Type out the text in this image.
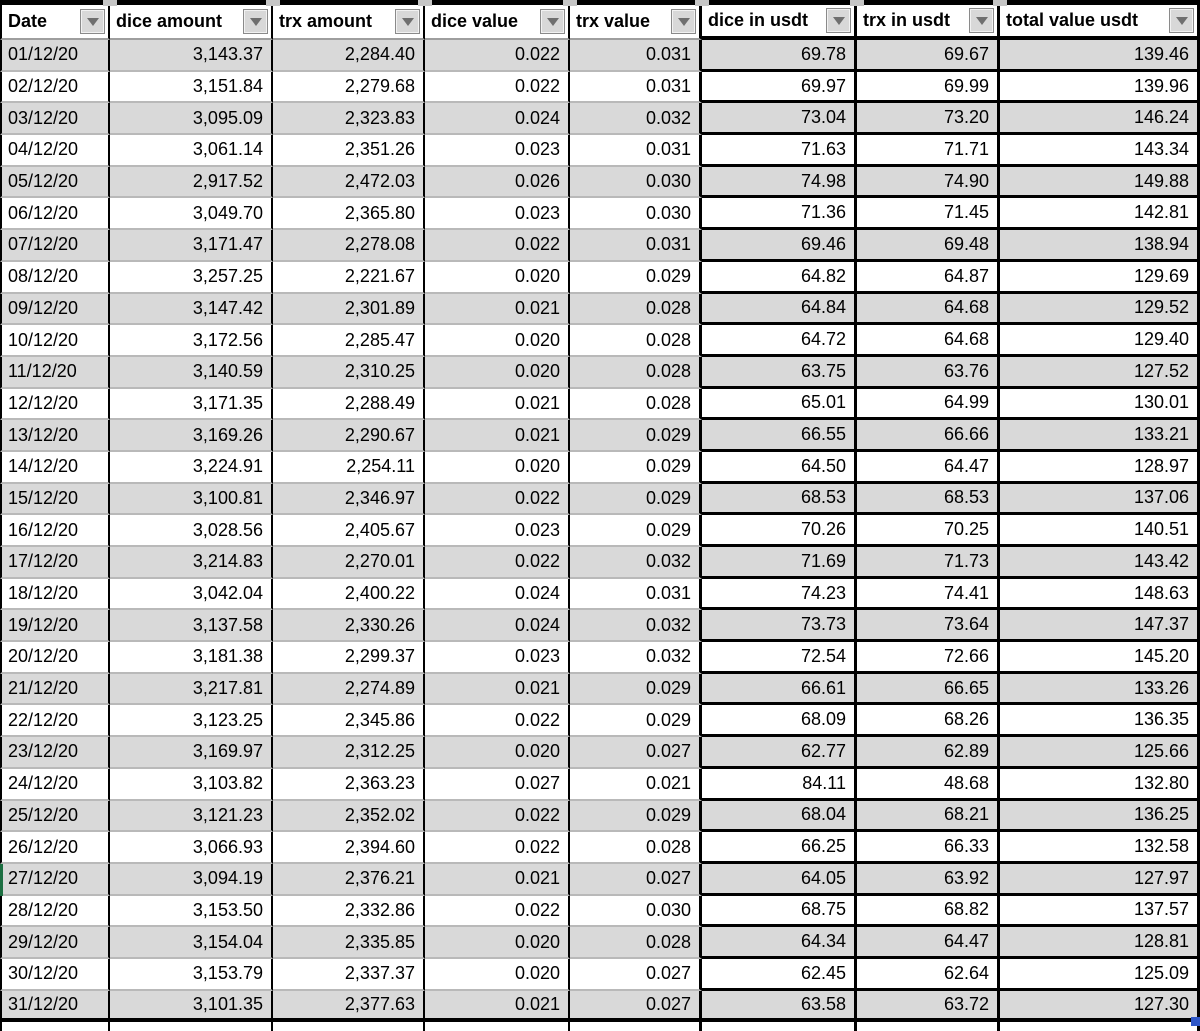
Date	dice amount	trx amount	dice value	trx value	dice in usdt	trx in usdt	total value usdt
01/12/20	3,143.37	2,284.40	0.022	0.031	69.78	69.67	139.46
02/12/20	3,151.84	2,279.68	0.022	0.031	69.97	69.99	139.96
03/12/20	3,095.09	2,323.83	0.024	0.032	73.04	73.20	146.24
04/12/20	3,061.14	2,351.26	0.023	0.031	71.63	71.71	143.34
05/12/20	2,917.52	2,472.03	0.026	0.030	74.98	74.90	149.88
06/12/20	3,049.70	2,365.80	0.023	0.030	71.36	71.45	142.81
07/12/20	3,171.47	2,278.08	0.022	0.031	69.46	69.48	138.94
08/12/20	3,257.25	2,221.67	0.020	0.029	64.82	64.87	129.69
09/12/20	3,147.42	2,301.89	0.021	0.028	64.84	64.68	129.52
10/12/20	3,172.56	2,285.47	0.020	0.028	64.72	64.68	129.40
11/12/20	3,140.59	2,310.25	0.020	0.028	63.75	63.76	127.52
12/12/20	3,171.35	2,288.49	0.021	0.028	65.01	64.99	130.01
13/12/20	3,169.26	2,290.67	0.021	0.029	66.55	66.66	133.21
14/12/20	3,224.91	2,254.11	0.020	0.029	64.50	64.47	128.97
15/12/20	3,100.81	2,346.97	0.022	0.029	68.53	68.53	137.06
16/12/20	3,028.56	2,405.67	0.023	0.029	70.26	70.25	140.51
17/12/20	3,214.83	2,270.01	0.022	0.032	71.69	71.73	143.42
18/12/20	3,042.04	2,400.22	0.024	0.031	74.23	74.41	148.63
19/12/20	3,137.58	2,330.26	0.024	0.032	73.73	73.64	147.37
20/12/20	3,181.38	2,299.37	0.023	0.032	72.54	72.66	145.20
21/12/20	3,217.81	2,274.89	0.021	0.029	66.61	66.65	133.26
22/12/20	3,123.25	2,345.86	0.022	0.029	68.09	68.26	136.35
23/12/20	3,169.97	2,312.25	0.020	0.027	62.77	62.89	125.66
24/12/20	3,103.82	2,363.23	0.027	0.021	84.11	48.68	132.80
25/12/20	3,121.23	2,352.02	0.022	0.029	68.04	68.21	136.25
26/12/20	3,066.93	2,394.60	0.022	0.028	66.25	66.33	132.58
27/12/20	3,094.19	2,376.21	0.021	0.027	64.05	63.92	127.97
28/12/20	3,153.50	2,332.86	0.022	0.030	68.75	68.82	137.57
29/12/20	3,154.04	2,335.85	0.020	0.028	64.34	64.47	128.81
30/12/20	3,153.79	2,337.37	0.020	0.027	62.45	62.64	125.09
31/12/20	3,101.35	2,377.63	0.021	0.027	63.58	63.72	127.30
